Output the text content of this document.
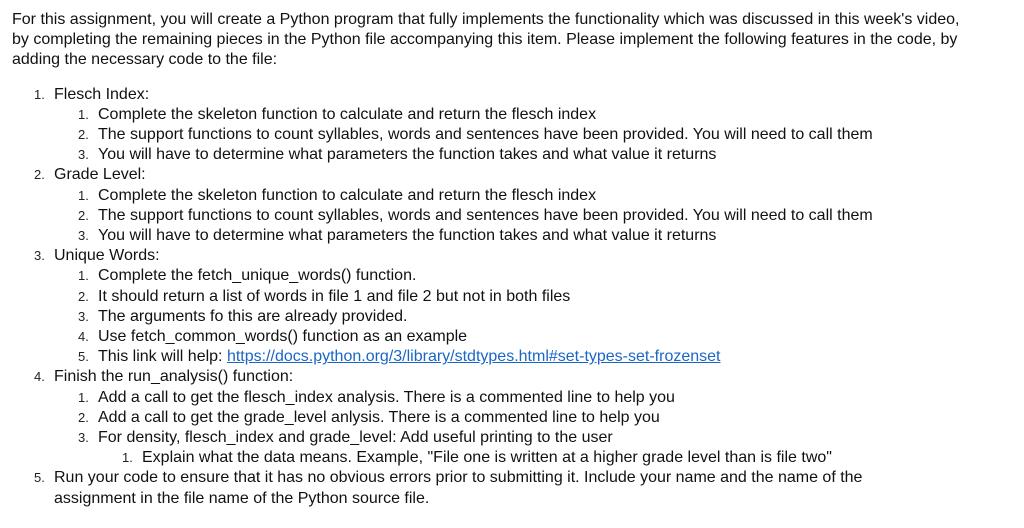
For this assignment, you will create a Python program that fully implements the functionality which was discussed in this week's video, by completing the remaining pieces in the Python file accompanying this item. Please implement the following features in the code, by adding the necessary code to the file:

1. Flesch Index:
1. Complete the skeleton function to calculate and return the flesch index
2. The support functions to count syllables, words and sentences have been provided. You will need to call them
3. You will have to determine what parameters the function takes and what value it returns
2. Grade Level:
1. Complete the skeleton function to calculate and return the flesch index
2. The support functions to count syllables, words and sentences have been provided. You will need to call them
3. You will have to determine what parameters the function takes and what value it returns
3. Unique Words:
1. Complete the fetch_unique_words() function.
2. It should return a list of words in file 1 and file 2 but not in both files
3. The arguments fo this are already provided.
4. Use fetch_common_words() function as an example
5. This link will help: https://docs.python.org/3/library/stdtypes.html#set-types-set-frozenset
4. Finish the run_analysis() function:
1. Add a call to get the flesch_index analysis. There is a commented line to help you
2. Add a call to get the grade_level anlysis. There is a commented line to help you
3. For density, flesch_index and grade_level: Add useful printing to the user
1. Explain what the data means. Example, "File one is written at a higher grade level than is file two"
5. Run your code to ensure that it has no obvious errors prior to submitting it. Include your name and the name of the assignment in the file name of the Python source file.
